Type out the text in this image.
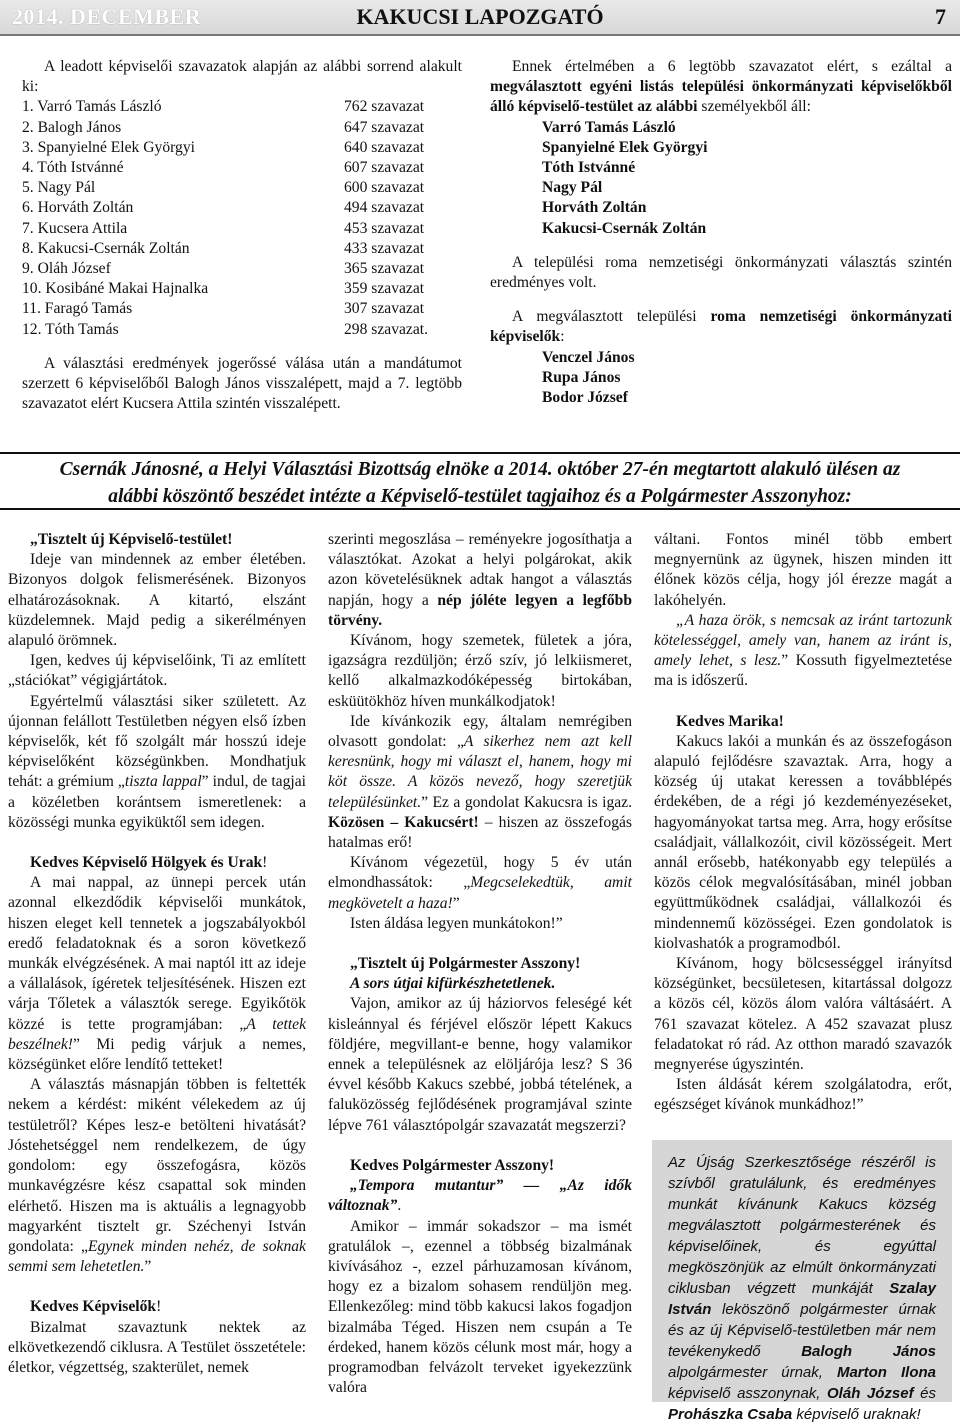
KAKUCSI LAPOZGATÓ
2014. DECEMBER	7

A leadott képviselői szavazatok alapján az alábbi sorrend alakult ki:

1. Varró Tamás László	762 szavazat
2. Balogh János	647 szavazat
3. Spanyielné Elek Györgyi	640 szavazat
4. Tóth Istvánné	607 szavazat
5. Nagy Pál	600 szavazat
6. Horváth Zoltán	494 szavazat
7. Kucsera Attila	453 szavazat
8. Kakucsi-Csernák Zoltán	433 szavazat
9. Oláh József	365 szavazat
10. Kosibáné Makai Hajnalka	359 szavazat
11. Faragó Tamás	307 szavazat
12. Tóth Tamás	298 szavazat.

A választási eredmények jogerőssé válása után a mandátumot szerzett 6 képviselőből Balogh János visszalépett, majd a 7. legtöbb szavazatot elért Kucsera Attila szintén visszalépett.

Ennek értelmében a 6 legtöbb szavazatot elért, s ezáltal a megválasztott egyéni listás települési önkormányzati képviselőkből álló képviselő-testület az alábbi személyekből áll:

Varró Tamás László
Spanyielné Elek Györgyi
Tóth Istvánné
Nagy Pál
Horváth Zoltán
Kakucsi-Csernák Zoltán

A települési roma nemzetiségi önkormányzati választás szintén eredményes volt.

A megválasztott települési roma nemzetiségi önkormányzati képviselők:

Venczel János
Rupa János
Bodor József
Csernák Jánosné, a Helyi Választási Bizottság elnöke a 2014. október 27-én megtartott alakuló ülésen az
alábbi köszöntő beszédet intézte a Képviselő-testület tagjaihoz és a Polgármester Asszonyhoz:

„Tisztelt új Képviselő-testület!

Ideje van mindennek az ember életében. Bizonyos dolgok felismerésének. Bizonyos elhatározásoknak. A kitartó, elszánt küzdelemnek. Majd pedig a sikerélményen alapuló örömnek.

Igen, kedves új képviselőink, Ti az említett „stációkat” végigjártátok.

Egyértelmű választási siker született. Az újonnan felállott Testületben négyen első ízben képviselők, két fő szolgált már hosszú ideje képviselőként községünkben. Mondhatjuk tehát: a grémium „tiszta lappal” indul, de tagjai a közéletben korántsem ismeretlenek: a közösségi munka egyiküktől sem idegen.

Kedves Képviselő Hölgyek és Urak!

A mai nappal, az ünnepi percek után azonnal elkezdődik képviselői munkátok, hiszen eleget kell tennetek a jogszabályokból eredő feladatoknak és a soron következő munkák elvégzésének. A mai naptól itt az ideje a vállalások, ígéretek teljesítésének. Hiszen ezt várja Tőletek a választók serege. Egyikőtök közzé is tette programjában: „A tettek beszélnek!” Mi pedig várjuk a nemes, községünket előre lendítő tetteket!

A választás másnapján többen is feltették nekem a kérdést: miként vélekedem az új testületről? Képes lesz-e betölteni hivatását? Jóstehetséggel nem rendelkezem, de úgy gondolom: egy összefogásra, közös munkavégzésre kész csapattal sok minden elérhető. Hiszen ma is aktuális a legnagyobb magyarként tisztelt gr. Széchenyi István gondolata: „Egynek minden nehéz, de soknak semmi sem lehetetlen.”

Kedves Képviselők!

Bizalmat szavaztunk nektek az elkövetkezendő ciklusra. A Testület összetétele: életkor, végzettség, szakterület, nemek

szerinti megoszlása – reményekre jogosíthatja a választókat. Azokat a helyi polgárokat, akik azon követelésüknek adtak hangot a választás napján, hogy a nép jóléte legyen a legfőbb törvény.

Kívánom, hogy szemetek, fületek a jóra, igazságra rezdüljön; érző szív, jó lelkiismeret, kellő alkalmazkodóképesség birtokában, esküütökhöz híven munkálkodjatok!

Ide kívánkozik egy, általam nemrégiben olvasott gondolat: „A sikerhez nem azt kell keresnünk, hogy mi választ el, hanem, hogy mi köt össze. A közös nevező, hogy szeretjük településünket.” Ez a gondolat Kakucsra is igaz. Közösen – Kakucsért! – hiszen az összefogás hatalmas erő!

Kívánom végezetül, hogy 5 év után elmondhassátok: „Megcselekedtük, amit megkövetelt a haza!”

Isten áldása legyen munkátokon!”

„Tisztelt új Polgármester Asszony!

A sors útjai kifürkészhetetlenek.

Vajon, amikor az új háziorvos feleségé két kisleánnyal és férjével először lépett Kakucs földjére, megvillant-e benne, hogy valamikor ennek a településnek az elöljárója lesz? S 36 évvel később Kakucs szebbé, jobbá tételének, a faluközösség fejlődésének programjával szinte lépve 761 választópolgár szavazatát megszerzi?

Kedves Polgármester Asszony!

„Tempora mutantur” — „Az idők változnak”.

Amikor – immár sokadszor – ma ismét gratulálok –, ezennel a többség bizalmának kivívásához -, ezzel párhuzamosan kívánom, hogy ez a bizalom sohasem rendüljön meg. Ellenkezőleg: mind több kakucsi lakos fogadjon bizalmába Téged. Hiszen nem csupán a Te érdeked, hanem közös célunk most már, hogy a programodban felvázolt terveket igyekezzünk valóra

váltani. Fontos minél több embert megnyernünk az ügynek, hiszen minden itt élőnek közös célja, hogy jól érezze magát a lakóhelyén.

„A haza örök, s nemcsak az iránt tartozunk kötelességgel, amely van, hanem az iránt is, amely lehet, s lesz.” Kossuth figyelmeztetése ma is időszerű.

Kedves Marika!

Kakucs lakói a munkán és az összefogáson alapuló fejlődésre szavaztak. Arra, hogy a község új utakat keressen a továbblépés érdekében, de a régi jó kezdeményezéseket, hagyományokat tartsa meg. Arra, hogy erősítse családjait, vállalkozóit, civil közösségeit. Mert annál erősebb, hatékonyabb egy település a közös célok megvalósításában, minél jobban együttműködnek családjai, vállalkozói és mindennemű közösségei. Ezen gondolatok is kiolvashatók a programodból.

Kívánom, hogy bölcsességgel irányítsd községünket, becsületesen, kitartással dolgozz a közös cél, közös álom valóra váltásáért. A 761 szavazat kötelez. A 452 szavazat plusz feladatokat ró rád. Az otthon maradó szavazók megnyerése úgyszintén.

Isten áldását kérem szolgálatodra, erőt, egészséget kívánok munkádhoz!”

Az Újság Szerkesztősége részéről is szívből gratulálunk, és eredményes munkát kívánunk Kakucs község megválasztott polgármesterének és képviselőinek, és egyúttal megköszönjük az elmúlt önkormányzati ciklusban végzett munkáját Szalay István leköszönő polgármester úrnak és az új Képviselő-testületben már nem tevékenykedő Balogh János alpolgármester úrnak, Marton Ilona képviselő asszonynak, Oláh József és Prohászka Csaba képviselő uraknak!
